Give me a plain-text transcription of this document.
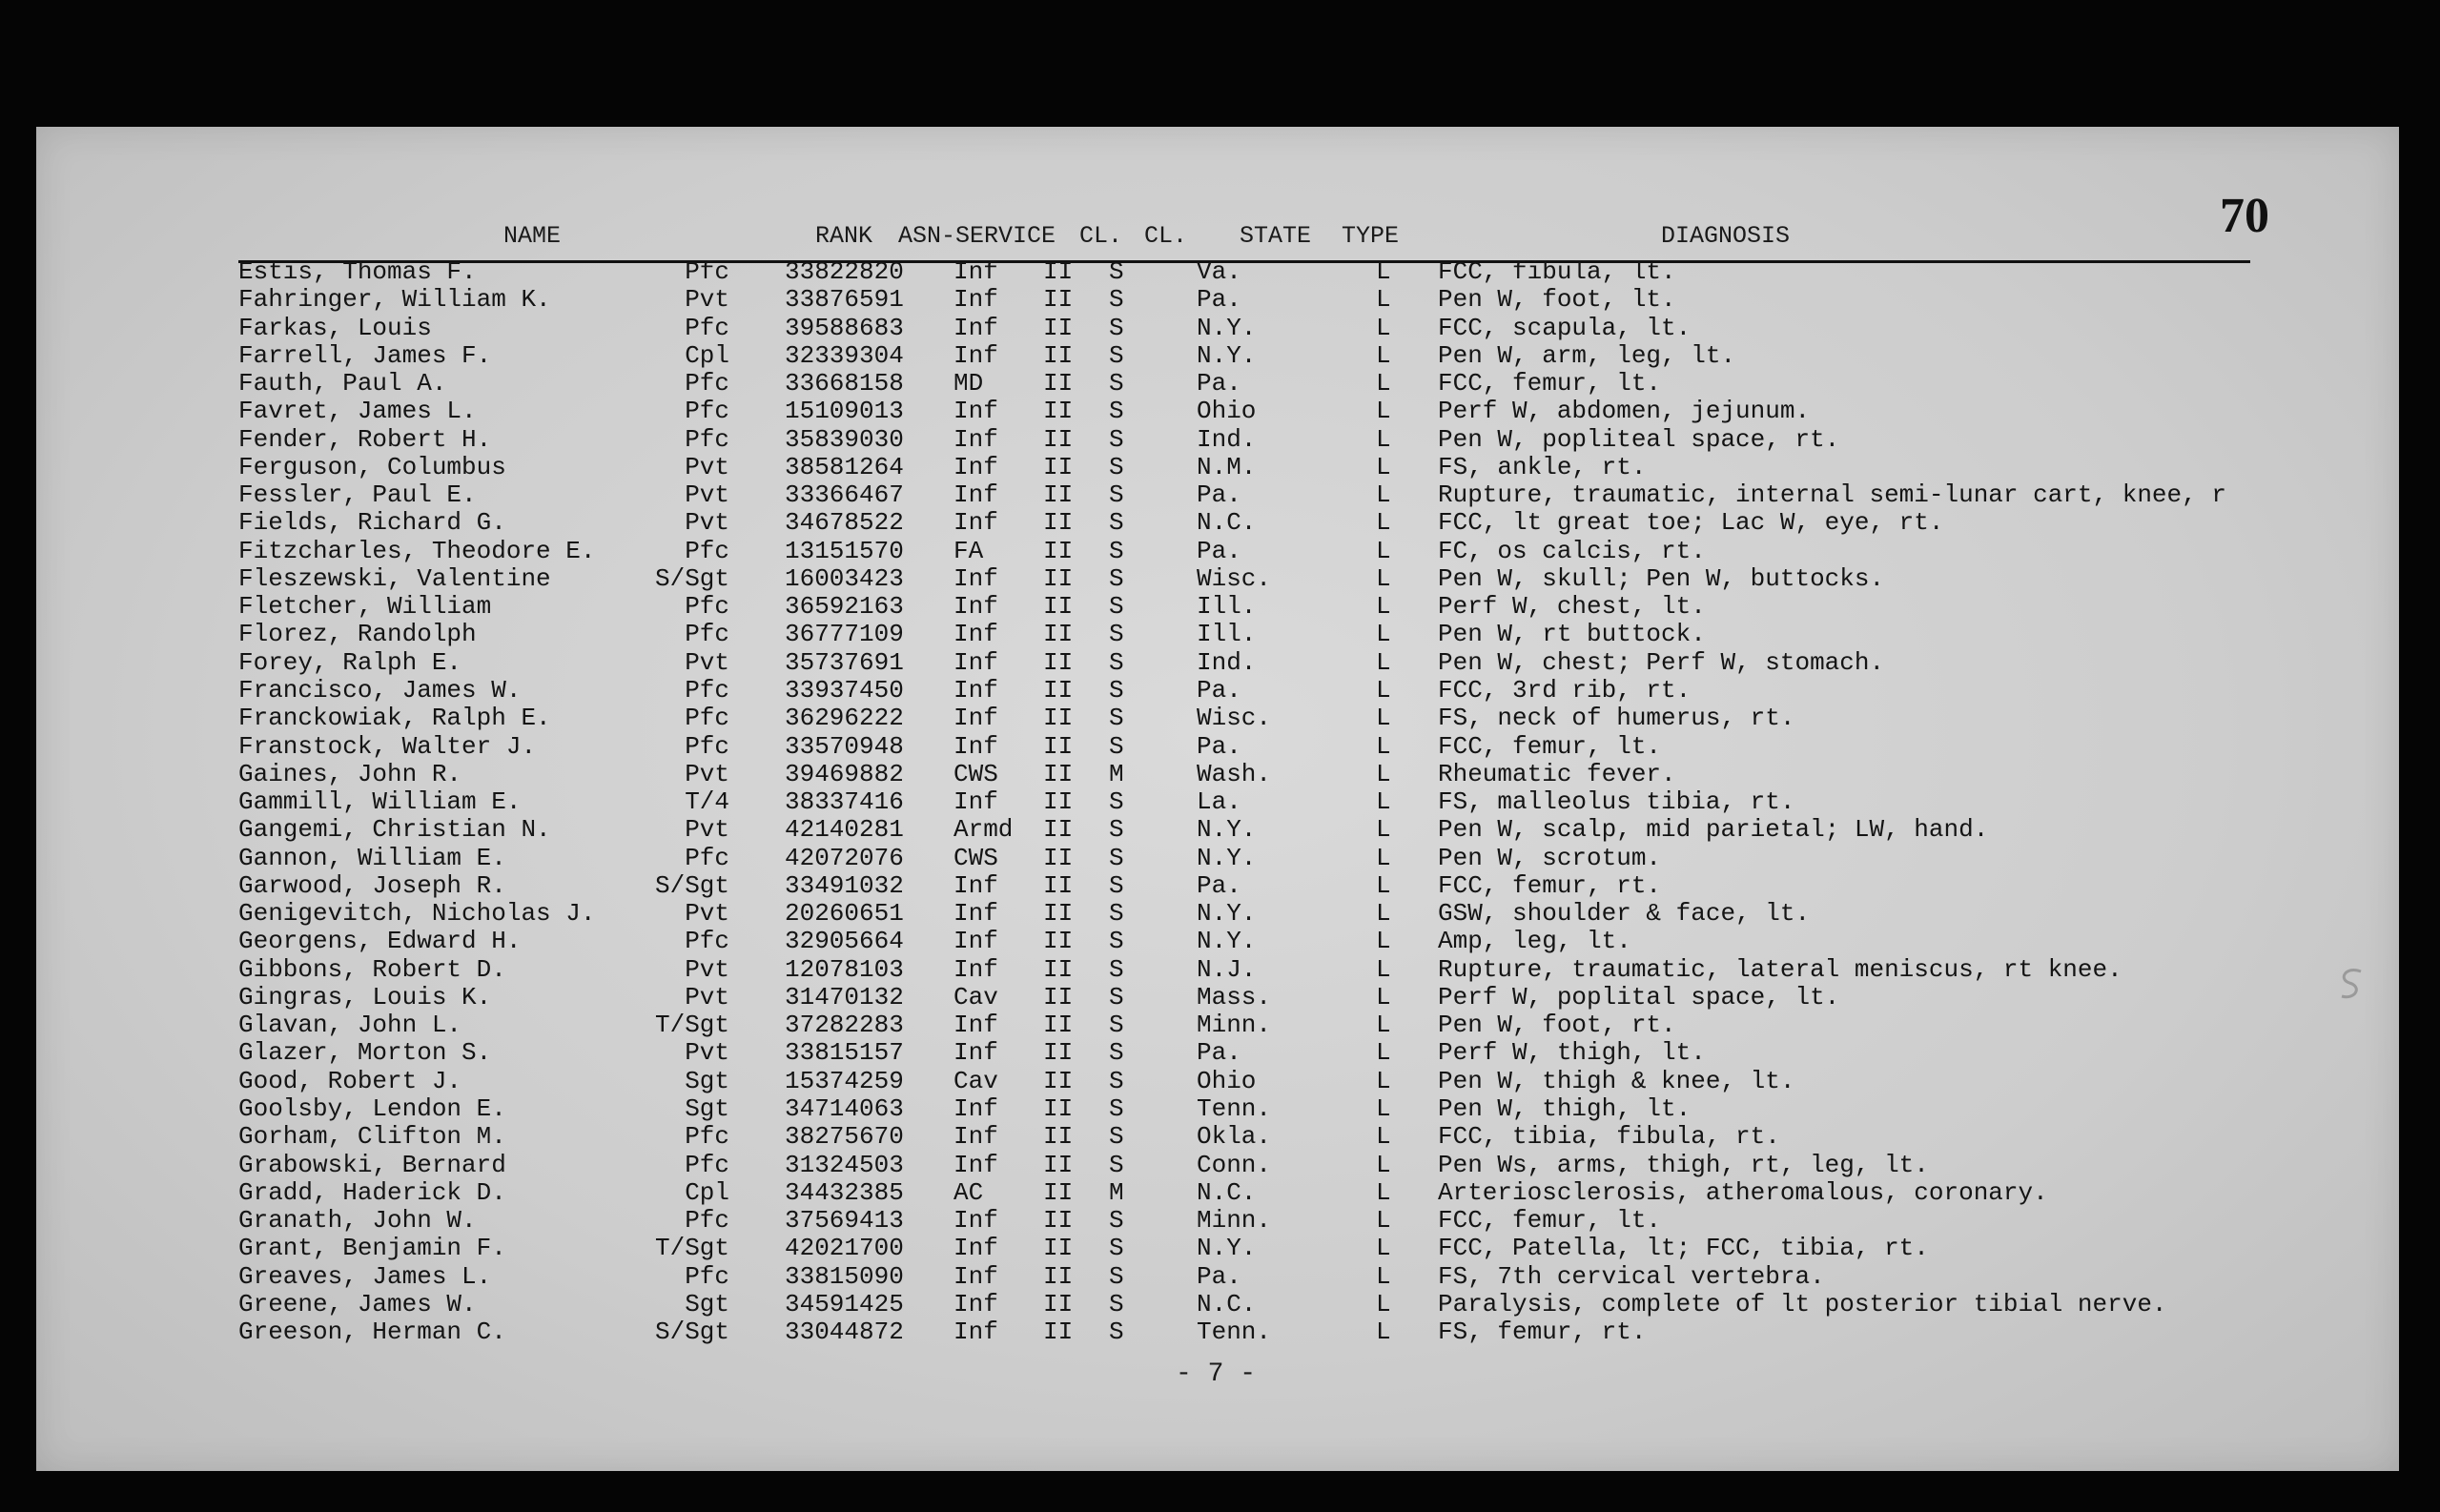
70
NAME	RANK ASN-SERVICE CL. CL. STATE TYPE	DIAGNOSIS
Estis, Thomas F.	Pfc 33822820 Inf II S	Va.	L FCC, fibula, lt.
Fahringer, William K.	Pvt 33876591 Inf II S	Pa.	L Pen W, foot, lt.
Farkas, Louis	Pfc 39588683 Inf II S	N.Y.	L FCC, scapula, lt.
Farrell, James F.	Cpl 32339304 Inf II S	N.Y.	L Pen W, arm, leg, lt.
Fauth, Paul A.	Pfc 33668158 MD II S	Pa.	L FCC, femur, lt.
Favret, James L.	Pfc 15109013 Inf II S	Ohio	L Perf W, abdomen, jejunum.
Fender, Robert H.	Pfc 35839030 Inf II S	Ind.	L Pen W, popliteal space, rt.
Ferguson, Columbus	Pvt 38581264 Inf II S	N.M.	L FS, ankle, rt.
Fessler, Paul E.	Pvt 33366467 Inf II S	Pa.	L Rupture, traumatic, internal semi-lunar cart, knee, r
Fields, Richard G.	Pvt 34678522 Inf II S	N.C.	L FCC, lt great toe; Lac W, eye, rt.
Fitzcharles, Theodore E.	Pfc 13151570 FA II S	Pa.	L FC, os calcis, rt.
Fleszewski, Valentine	S/Sgt 16003423 Inf II S	Wisc.	L Pen W, skull; Pen W, buttocks.
Fletcher, William	Pfc 36592163 Inf II S	Ill.	L Perf W, chest, lt.
Florez, Randolph	Pfc 36777109 Inf II S	Ill.	L Pen W, rt buttock.
Forey, Ralph E.	Pvt 35737691 Inf II S	Ind.	L Pen W, chest; Perf W, stomach.
Francisco, James W.	Pfc 33937450 Inf II S	Pa.	L FCC, 3rd rib, rt.
Franckowiak, Ralph E.	Pfc 36296222 Inf II S	Wisc.	L FS, neck of humerus, rt.
Franstock, Walter J.	Pfc 33570948 Inf II S	Pa.	L FCC, femur, lt.
Gaines, John R.	Pvt 39469882 CWS II M	Wash.	L Rheumatic fever.
Gammill, William E.	T/4 38337416 Inf II S	La.	L FS, malleolus tibia, rt.
Gangemi, Christian N.	Pvt 42140281 Armd II S	N.Y.	L Pen W, scalp, mid parietal; LW, hand.
Gannon, William E.	Pfc 42072076 CWS II S	N.Y.	L Pen W, scrotum.
Garwood, Joseph R.	S/Sgt 33491032 Inf II S	Pa.	L FCC, femur, rt.
Genigevitch, Nicholas J.	Pvt 20260651 Inf II S	N.Y.	L GSW, shoulder & face, lt.
Georgens, Edward H.	Pfc 32905664 Inf II S	N.Y.	L Amp, leg, lt.
Gibbons, Robert D.	Pvt 12078103 Inf II S	N.J.	L Rupture, traumatic, lateral meniscus, rt knee.
Gingras, Louis K.	Pvt 31470132 Cav II S	Mass.	L Perf W, poplital space, lt.
Glavan, John L.	T/Sgt 37282283 Inf II S	Minn.	L Pen W, foot, rt.
Glazer, Morton S.	Pvt 33815157 Inf II S	Pa.	L Perf W, thigh, lt.
Good, Robert J.	Sgt 15374259 Cav II S	Ohio	L Pen W, thigh & knee, lt.
Goolsby, Lendon E.	Sgt 34714063 Inf II S	Tenn.	L Pen W, thigh, lt.
Gorham, Clifton M.	Pfc 38275670 Inf II S	Okla.	L FCC, tibia, fibula, rt.
Grabowski, Bernard	Pfc 31324503 Inf II S	Conn.	L Pen Ws, arms, thigh, rt, leg, lt.
Gradd, Haderick D.	Cpl 34432385 AC II M	N.C.	L Arteriosclerosis, atheromalous, coronary.
Granath, John W.	Pfc 37569413 Inf II S	Minn.	L FCC, femur, lt.
Grant, Benjamin F.	T/Sgt 42021700 Inf II S	N.Y.	L FCC, Patella, lt; FCC, tibia, rt.
Greaves, James L.	Pfc 33815090 Inf II S	Pa.	L FS, 7th cervical vertebra.
Greene, James W.	Sgt 34591425 Inf II S	N.C.	L Paralysis, complete of lt posterior tibial nerve.
Greeson, Herman C.	S/Sgt 33044872 Inf II S	Tenn.	L FS, femur, rt.
- 7 -
